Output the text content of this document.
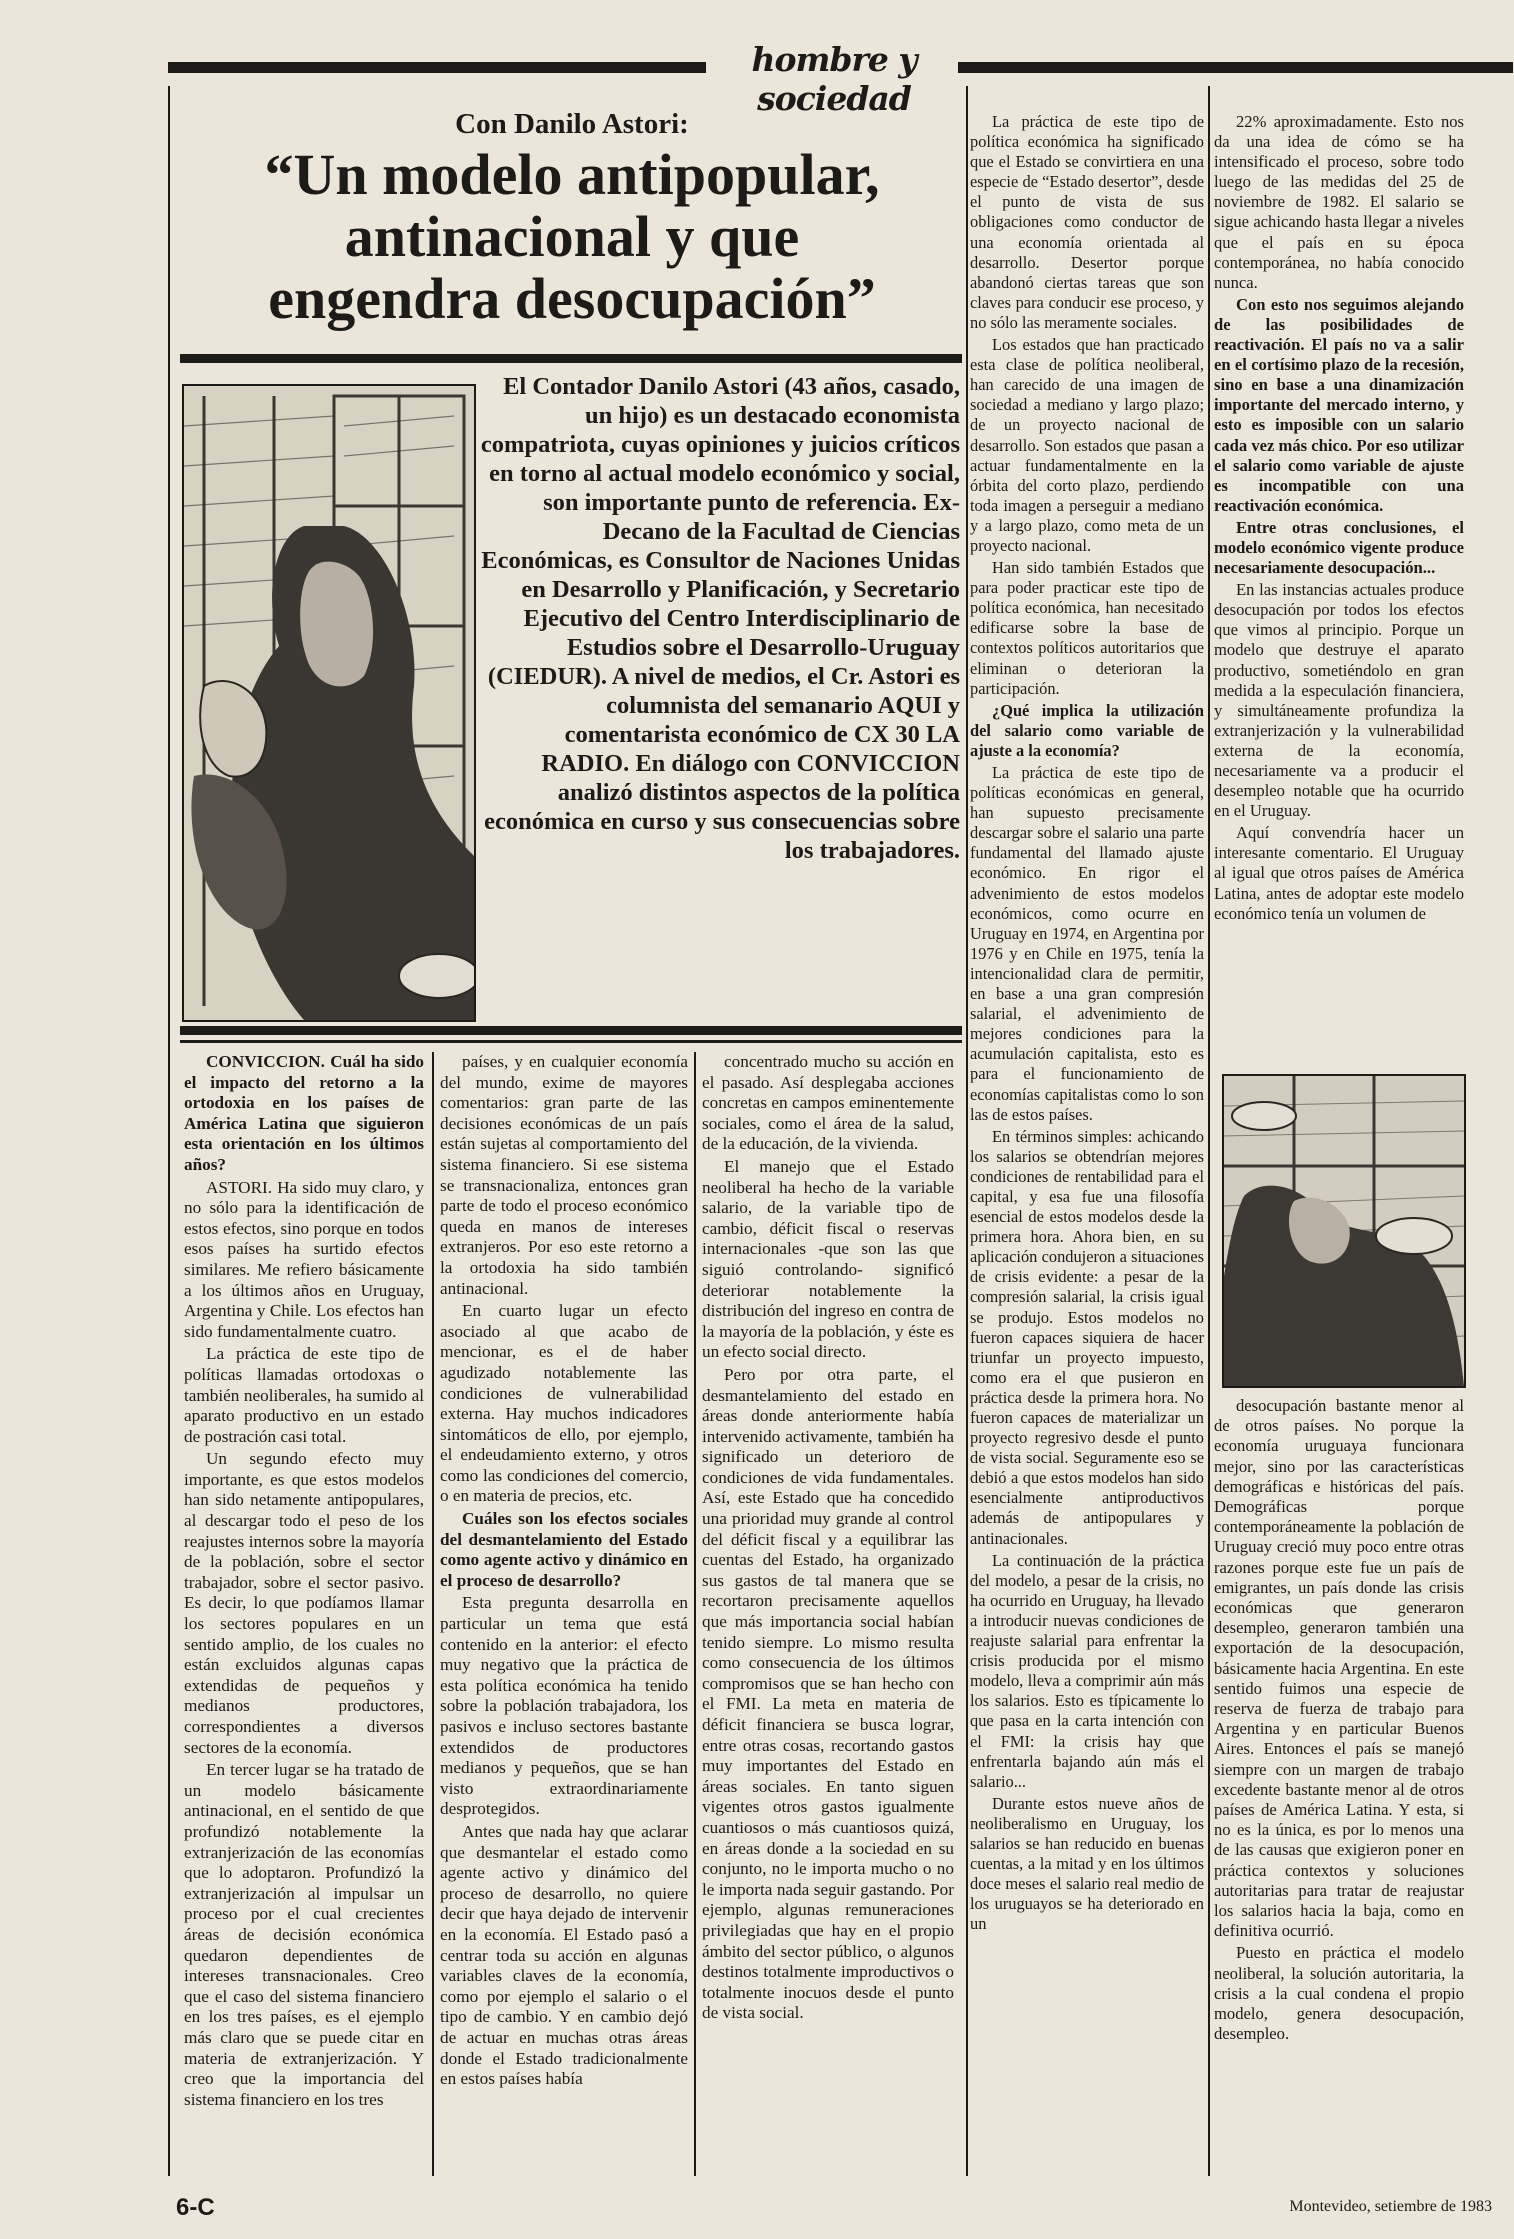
hombre y sociedad
Con Danilo Astori:
“Un modelo antipopular,
antinacional y que
engendra desocupación”
El Contador Danilo Astori (43 años, casado, un hijo) es un destacado economista compatriota, cuyas opiniones y juicios críticos en torno al actual modelo económico y social, son importante punto de referencia. Ex-Decano de la Facultad de Ciencias Económicas, es Consultor de Naciones Unidas en Desarrollo y Planificación, y Secretario Ejecutivo del Centro Interdisciplinario de Estudios sobre el Desarrollo-Uruguay (CIEDUR). A nivel de medios, el Cr. Astori es columnista del semanario AQUI y comentarista económico de CX 30 LA RADIO. En diálogo con CONVICCION analizó distintos aspectos de la política económica en curso y sus consecuencias sobre los trabajadores.

CONVICCION. Cuál ha sido el impacto del retorno a la ortodoxia en los países de América Latina que siguieron esta orientación en los últimos años?

ASTORI. Ha sido muy claro, y no sólo para la identificación de estos efectos, sino porque en todos esos países ha surtido efectos similares. Me refiero básicamente a los últimos años en Uruguay, Argentina y Chile. Los efectos han sido fundamentalmente cuatro.

La práctica de este tipo de políticas llamadas ortodoxas o también neoliberales, ha sumido al aparato productivo en un estado de postración casi total.

Un segundo efecto muy importante, es que estos modelos han sido netamente antipopulares, al descargar todo el peso de los reajustes internos sobre la mayoría de la población, sobre el sector trabajador, sobre el sector pasivo. Es decir, lo que podíamos llamar los sectores populares en un sentido amplio, de los cuales no están excluidos algunas capas extendidas de pequeños y medianos productores, correspondientes a diversos sectores de la economía.

En tercer lugar se ha tratado de un modelo básicamente antinacional, en el sentido de que profundizó notablemente la extranjerización de las economías que lo adoptaron. Profundizó la extranjerización al impulsar un proceso por el cual crecientes áreas de decisión económica quedaron dependientes de intereses transnacionales. Creo que el caso del sistema financiero en los tres países, es el ejemplo más claro que se puede citar en materia de extranjerización. Y creo que la importancia del sistema financiero en los tres

países, y en cualquier economía del mundo, exime de mayores comentarios: gran parte de las decisiones económicas de un país están sujetas al comportamiento del sistema financiero. Si ese sistema se transnacionaliza, entonces gran parte de todo el proceso económico queda en manos de intereses extranjeros. Por eso este retorno a la ortodoxia ha sido también antinacional.

En cuarto lugar un efecto asociado al que acabo de mencionar, es el de haber agudizado notablemente las condiciones de vulnerabilidad externa. Hay muchos indicadores sintomáticos de ello, por ejemplo, el endeudamiento externo, y otros como las condiciones del comercio, o en materia de precios, etc.

Cuáles son los efectos sociales del desmantelamiento del Estado como agente activo y dinámico en el proceso de desarrollo?

Esta pregunta desarrolla en particular un tema que está contenido en la anterior: el efecto muy negativo que la práctica de esta política económica ha tenido sobre la población trabajadora, los pasivos e incluso sectores bastante extendidos de productores medianos y pequeños, que se han visto extraordinariamente desprotegidos.

Antes que nada hay que aclarar que desmantelar el estado como agente activo y dinámico del proceso de desarrollo, no quiere decir que haya dejado de intervenir en la economía. El Estado pasó a centrar toda su acción en algunas variables claves de la economía, como por ejemplo el salario o el tipo de cambio. Y en cambio dejó de actuar en muchas otras áreas donde el Estado tradicionalmente en estos países había

concentrado mucho su acción en el pasado. Así desplegaba acciones concretas en campos eminentemente sociales, como el área de la salud, de la educación, de la vivienda.

El manejo que el Estado neoliberal ha hecho de la variable salario, de la variable tipo de cambio, déficit fiscal o reservas internacionales -que son las que siguió controlando- significó deteriorar notablemente la distribución del ingreso en contra de la mayoría de la población, y éste es un efecto social directo.

Pero por otra parte, el desmantelamiento del estado en áreas donde anteriormente había intervenido activamente, también ha significado un deterioro de condiciones de vida fundamentales. Así, este Estado que ha concedido una prioridad muy grande al control del déficit fiscal y a equilibrar las cuentas del Estado, ha organizado sus gastos de tal manera que se recortaron precisamente aquellos que más importancia social habían tenido siempre. Lo mismo resulta como consecuencia de los últimos compromisos que se han hecho con el FMI. La meta en materia de déficit financiera se busca lograr, entre otras cosas, recortando gastos muy importantes del Estado en áreas sociales. En tanto siguen vigentes otros gastos igualmente cuantiosos o más cuantiosos quizá, en áreas donde a la sociedad en su conjunto, no le importa mucho o no le importa nada seguir gastando. Por ejemplo, algunas remuneraciones privilegiadas que hay en el propio ámbito del sector público, o algunos destinos totalmente improductivos o totalmente inocuos desde el punto de vista social.

La práctica de este tipo de política económica ha significado que el Estado se convirtiera en una especie de “Estado desertor”, desde el punto de vista de sus obligaciones como conductor de una economía orientada al desarrollo. Desertor porque abandonó ciertas tareas que son claves para conducir ese proceso, y no sólo las meramente sociales.

Los estados que han practicado esta clase de política neoliberal, han carecido de una imagen de sociedad a mediano y largo plazo; de un proyecto nacional de desarrollo. Son estados que pasan a actuar fundamentalmente en la órbita del corto plazo, perdiendo toda imagen a perseguir a mediano y a largo plazo, como meta de un proyecto nacional.

Han sido también Estados que para poder practicar este tipo de política económica, han necesitado edificarse sobre la base de contextos políticos autoritarios que eliminan o deterioran la participación.

¿Qué implica la utilización del salario como variable de ajuste a la economía?

La práctica de este tipo de políticas económicas en general, han supuesto precisamente descargar sobre el salario una parte fundamental del llamado ajuste económico. En rigor el advenimiento de estos modelos económicos, como ocurre en Uruguay en 1974, en Argentina por 1976 y en Chile en 1975, tenía la intencionalidad clara de permitir, en base a una gran compresión salarial, el advenimiento de mejores condiciones para la acumulación capitalista, esto es para el funcionamiento de economías capitalistas como lo son las de estos países.

En términos simples: achicando los salarios se obtendrían mejores condiciones de rentabilidad para el capital, y esa fue una filosofía esencial de estos modelos desde la primera hora. Ahora bien, en su aplicación condujeron a situaciones de crisis evidente: a pesar de la compresión salarial, la crisis igual se produjo. Estos modelos no fueron capaces siquiera de hacer triunfar un proyecto impuesto, como era el que pusieron en práctica desde la primera hora. No fueron capaces de materializar un proyecto regresivo desde el punto de vista social. Seguramente eso se debió a que estos modelos han sido esencialmente antiproductivos además de antipopulares y antinacionales.

La continuación de la práctica del modelo, a pesar de la crisis, no ha ocurrido en Uruguay, ha llevado a introducir nuevas condiciones de reajuste salarial para enfrentar la crisis producida por el mismo modelo, lleva a comprimir aún más los salarios. Esto es típicamente lo que pasa en la carta intención con el FMI: la crisis hay que enfrentarla bajando aún más el salario...

Durante estos nueve años de neoliberalismo en Uruguay, los salarios se han reducido en buenas cuentas, a la mitad y en los últimos doce meses el salario real medio de los uruguayos se ha deteriorado en un

22% aproximadamente. Esto nos da una idea de cómo se ha intensificado el proceso, sobre todo luego de las medidas del 25 de noviembre de 1982. El salario se sigue achicando hasta llegar a niveles que el país en su época contemporánea, no había conocido nunca.

Con esto nos seguimos alejando de las posibilidades de reactivación. El país no va a salir en el cortísimo plazo de la recesión, sino en base a una dinamización importante del mercado interno, y esto es imposible con un salario cada vez más chico. Por eso utilizar el salario como variable de ajuste es incompatible con una reactivación económica.

Entre otras conclusiones, el modelo económico vigente produce necesariamente desocupación...

En las instancias actuales produce desocupación por todos los efectos que vimos al principio. Porque un modelo que destruye el aparato productivo, sometiéndolo en gran medida a la especulación financiera, y simultáneamente profundiza la extranjerización y la vulnerabilidad externa de la economía, necesariamente va a producir el desempleo notable que ha ocurrido en el Uruguay.

Aquí convendría hacer un interesante comentario. El Uruguay al igual que otros países de América Latina, antes de adoptar este modelo económico tenía un volumen de

desocupación bastante menor al de otros países. No porque la economía uruguaya funcionara mejor, sino por las características demográficas e históricas del país. Demográficas porque contemporáneamente la población de Uruguay creció muy poco entre otras razones porque este fue un país de emigrantes, un país donde las crisis económicas que generaron desempleo, generaron también una exportación de la desocupación, básicamente hacia Argentina. En este sentido fuimos una especie de reserva de fuerza de trabajo para Argentina y en particular Buenos Aires. Entonces el país se manejó siempre con un margen de trabajo excedente bastante menor al de otros países de América Latina. Y esta, si no es la única, es por lo menos una de las causas que exigieron poner en práctica contextos y soluciones autoritarias para tratar de reajustar los salarios hacia la baja, como en definitiva ocurrió.

Puesto en práctica el modelo neoliberal, la solución autoritaria, la crisis a la cual condena el propio modelo, genera desocupación, desempleo.

6-C	Montevideo, setiembre de 1983
